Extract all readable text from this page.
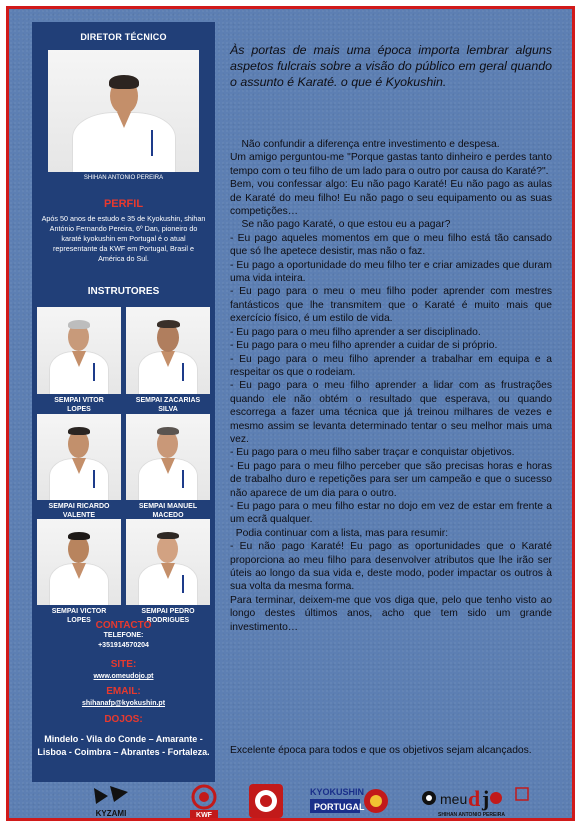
DIRETOR TÉCNICO
SHIHAN ANTONIO PEREIRA
PERFIL
Após 50 anos de estudo e 35 de Kyokushin, shihan António Fernando Pereira, 6º Dan, pioneiro do karaté kyokushin em Portugal é o atual representante da KWF em Portugal, Brasil e América do Sul.
INSTRUTORES
SEMPAI VITOR
LOPES
SEMPAI ZACARIAS
SILVA
SEMPAI RICARDO
VALENTE
SEMPAI MANUEL
MACEDO
SEMPAI VICTOR
LOPES
SEMPAI PEDRO
RODRIGUES
CONTACTO
TELEFONE:
+351914570204
SITE:
www.omeudojo.pt
EMAIL:
shihanafp@kyokushin.pt
DOJOS:
Mindelo - Vila do Conde – Amarante - Lisboa - Coimbra – Abrantes - Fortaleza.
Às portas de mais uma época importa lembrar alguns aspetos fulcrais sobre a visão do público em geral quando o assunto é Karaté. o que é Kyokushin.

Não confundir a diferença entre investimento e despesa.

Um amigo perguntou-me "Porque gastas tanto dinheiro e perdes tanto tempo com o teu filho de um lado para o outro por causa do Karaté?".

Bem, vou confessar algo: Eu não pago Karaté! Eu não pago as aulas de Karaté do meu filho! Eu não pago o seu equipamento ou as suas competições…

Se não pago Karaté, o que estou eu a pagar?

- Eu pago aqueles momentos em que o meu filho está tão cansado que só lhe apetece desistir, mas não o faz.

- Eu pago a oportunidade do meu filho ter e criar amizades que duram uma vida inteira.

- Eu pago para o meu o meu filho poder aprender com mestres fantásticos que lhe transmitem que o Karaté é muito mais que exercício físico, é um estilo de vida.

- Eu pago para o meu filho aprender a ser disciplinado.

- Eu pago para o meu filho aprender a cuidar de si próprio.

- Eu pago para o meu filho aprender a trabalhar em equipa e a respeitar os que o rodeiam.

- Eu pago para o meu filho aprender a lidar com as frustrações quando ele não obtém o resultado que esperava, ou quando escorrega a fazer uma técnica que já treinou milhares de vezes e mesmo assim se levanta determinado tentar o seu melhor mais uma vez.

- Eu pago para o meu filho saber traçar e conquistar objetivos.

- Eu pago para o meu filho perceber que são precisas horas e horas de trabalho duro e repetições para ser um campeão e que o sucesso não aparece de um dia para o outro.

- Eu pago para o meu filho estar no dojo em vez de estar em frente a um ecrã qualquer.

Podia continuar com a lista, mas para resumir:

- Eu não pago Karaté! Eu pago as oportunidades que o Karaté proporciona ao meu filho para desenvolver atributos que lhe irão ser úteis ao longo da sua vida e, deste modo, poder impactar os outros à sua volta da mesma forma.

Para terminar, deixem-me que vos diga que, pelo que tenho visto ao longo destes últimos anos, acho que tem sido um grande investimento…

Excelente época para todos e que os objetivos sejam alcançados.
KYZAMI	KWF
KYOKUSHIN
PORTUGAL	meu d j
SHIHAN ANTONIO PEREIRA
